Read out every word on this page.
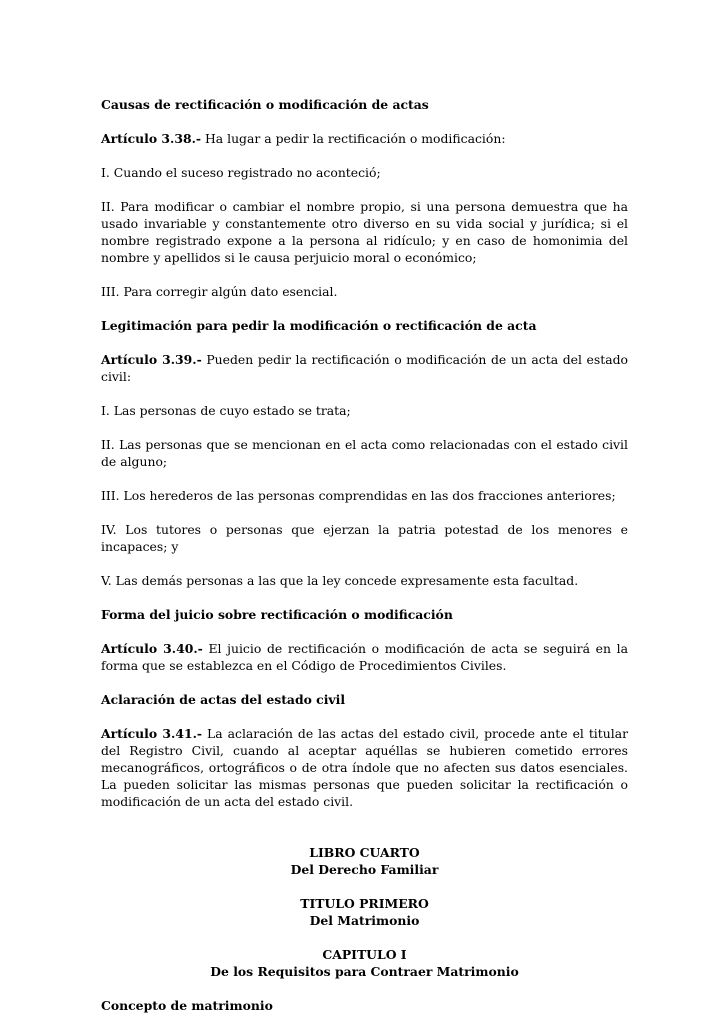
Causas de rectificación o modificación de actas

Artículo 3.38.- Ha lugar a pedir la rectificación o modificación:

I. Cuando el suceso registrado no aconteció;

II. Para modificar o cambiar el nombre propio, si una persona demuestra que ha usado invariable y constantemente otro diverso en su vida social y jurídica; si el nombre registrado expone a la persona al ridículo; y en caso de homonimia del nombre y apellidos si le causa perjuicio moral o económico;

III. Para corregir algún dato esencial.

Legitimación para pedir la modificación o rectificación de acta

Artículo 3.39.- Pueden pedir la rectificación o modificación de un acta del estado civil:

I. Las personas de cuyo estado se trata;

II. Las personas que se mencionan en el acta como relacionadas con el estado civil de alguno;

III. Los herederos de las personas comprendidas en las dos fracciones anteriores;

IV. Los tutores o personas que ejerzan la patria potestad de los menores e incapaces; y

V. Las demás personas a las que la ley concede expresamente esta facultad.

Forma del juicio sobre rectificación o modificación

Artículo 3.40.- El juicio de rectificación o modificación de acta se seguirá en la forma que se establezca en el Código de Procedimientos Civiles.

Aclaración de actas del estado civil

Artículo 3.41.- La aclaración de las actas del estado civil, procede ante el titular del Registro Civil, cuando al aceptar aquéllas se hubieren cometido errores mecanográficos, ortográficos o de otra índole que no afecten sus datos esenciales. La pueden solicitar las mismas personas que pueden solicitar la rectificación o modificación de un acta del estado civil.

LIBRO CUARTO
Del Derecho Familiar
TITULO PRIMERO
Del Matrimonio
CAPITULO I
De los Requisitos para Contraer Matrimonio
Concepto de matrimonio
